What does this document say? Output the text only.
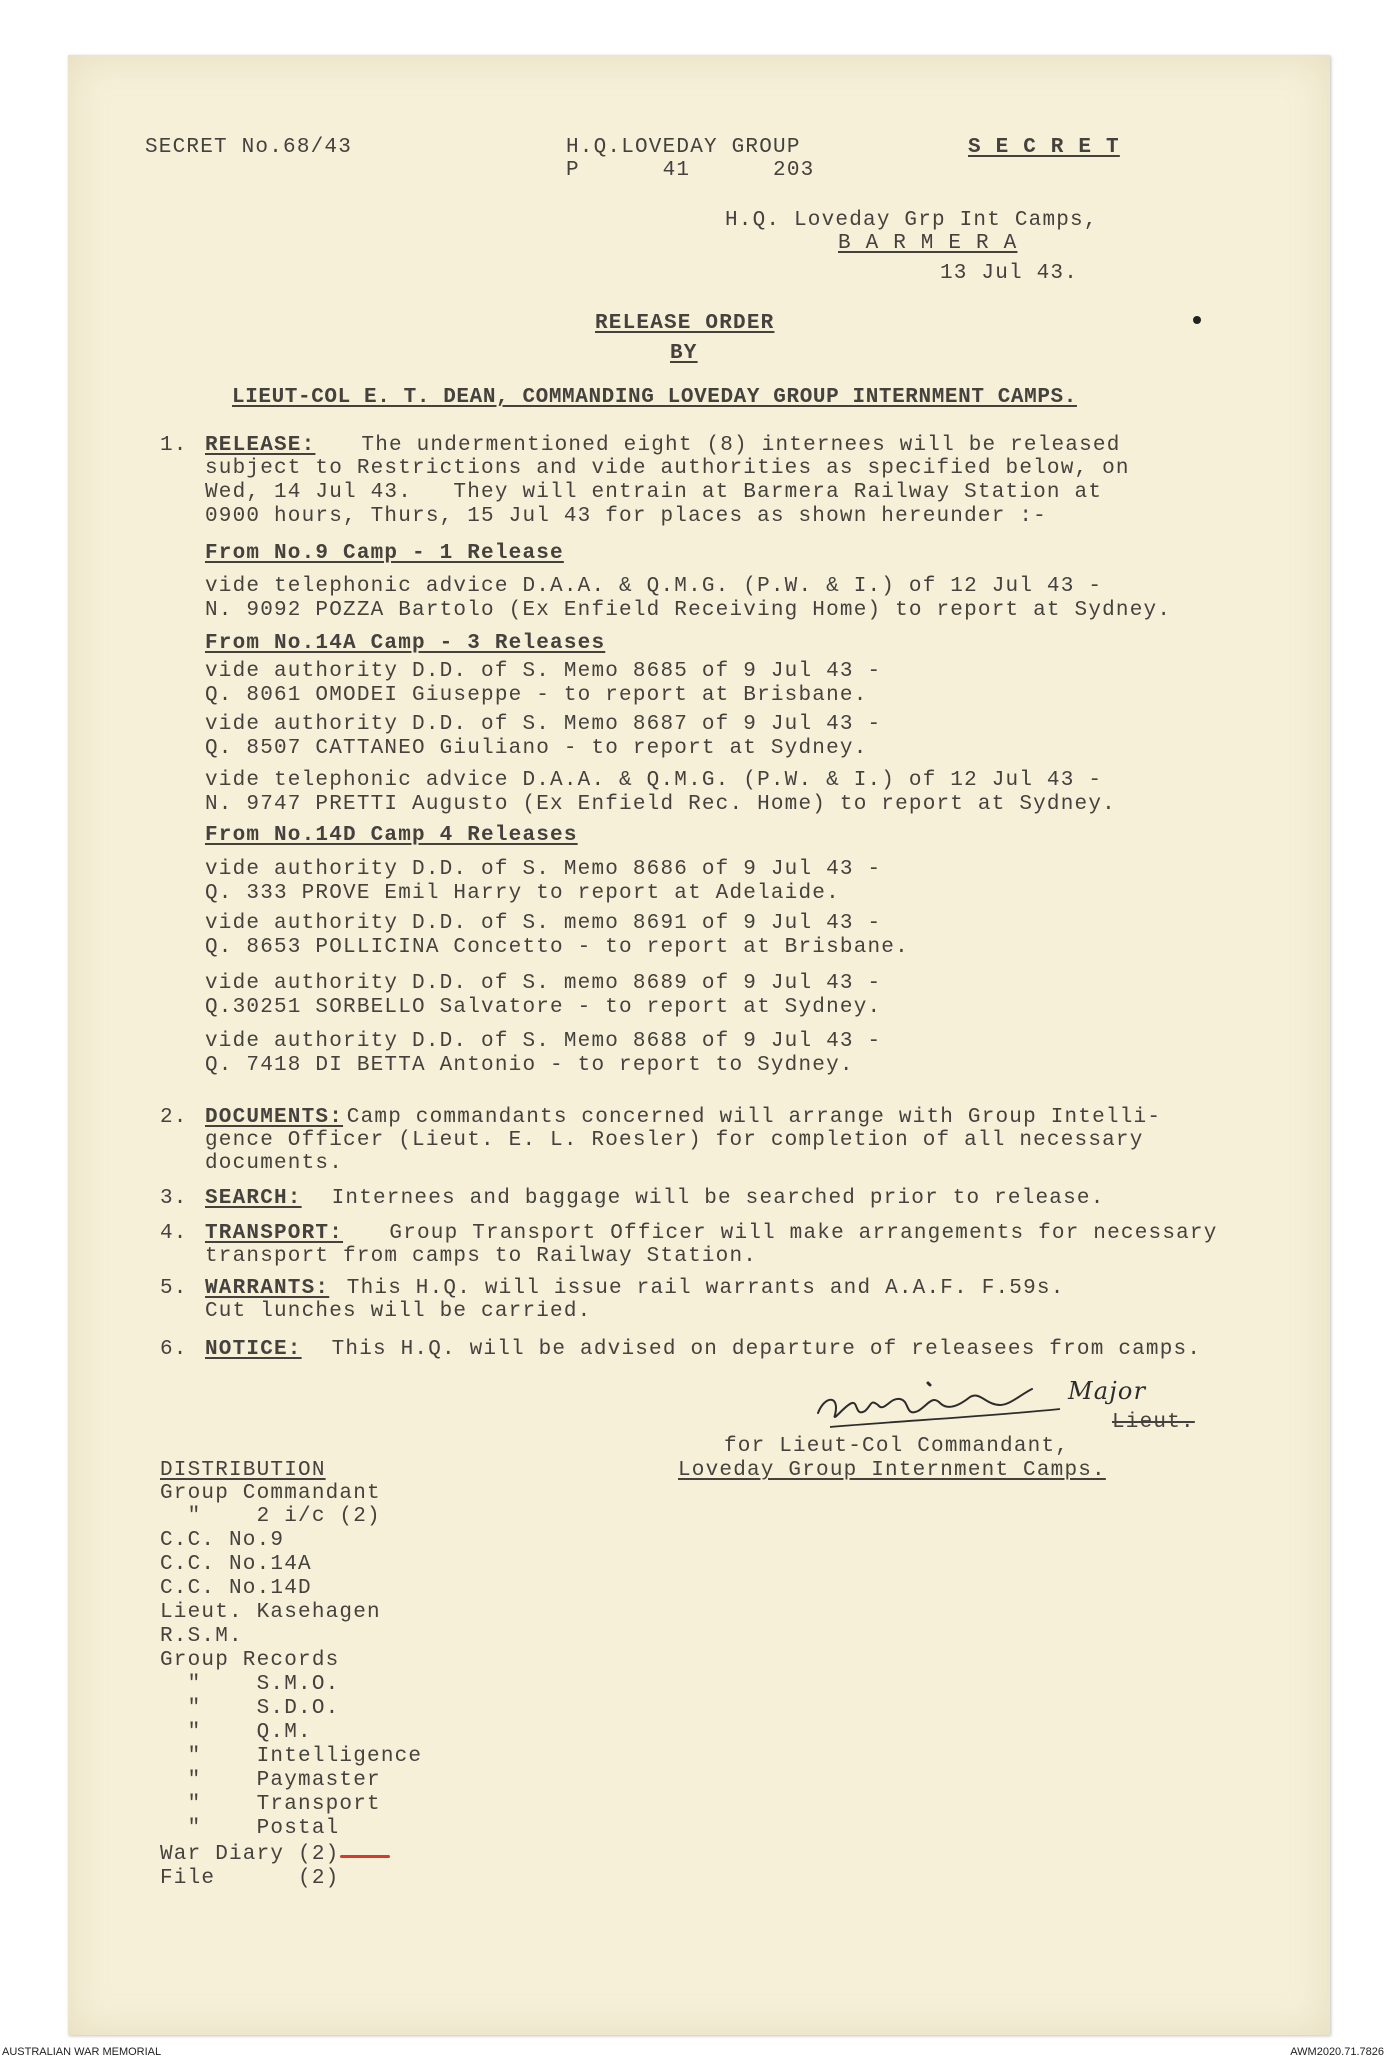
SECRET No.68/43	H.Q.LOVEDAY GROUP
P      41      203
S E C R E T
H.Q. Loveday Grp Int Camps,
B A R M E R A
13 Jul 43.
RELEASE ORDER
BY
LIEUT-COL E. T. DEAN, COMMANDING LOVEDAY GROUP INTERNMENT CAMPS.
1. RELEASE: The undermentioned eight (8) internees will be released
subject to Restrictions and vide authorities as specified below, on
Wed, 14 Jul 43.   They will entrain at Barmera Railway Station at
0900 hours, Thurs, 15 Jul 43 for places as shown hereunder :-
From No.9 Camp - 1 Release
vide telephonic advice D.A.A. & Q.M.G. (P.W. & I.) of 12 Jul 43 -
N. 9092 POZZA Bartolo (Ex Enfield Receiving Home) to report at Sydney.
From No.14A Camp - 3 Releases
vide authority D.D. of S. Memo 8685 of 9 Jul 43 -
Q. 8061 OMODEI Giuseppe - to report at Brisbane.
vide authority D.D. of S. Memo 8687 of 9 Jul 43 -
Q. 8507 CATTANEO Giuliano - to report at Sydney.
vide telephonic advice D.A.A. & Q.M.G. (P.W. & I.) of 12 Jul 43 -
N. 9747 PRETTI Augusto (Ex Enfield Rec. Home) to report at Sydney.
From No.14D Camp 4 Releases
vide authority D.D. of S. Memo 8686 of 9 Jul 43 -
Q. 333 PROVE Emil Harry to report at Adelaide.
vide authority D.D. of S. memo 8691 of 9 Jul 43 -
Q. 8653 POLLICINA Concetto - to report at Brisbane.
vide authority D.D. of S. memo 8689 of 9 Jul 43 -
Q.30251 SORBELLO Salvatore - to report at Sydney.
vide authority D.D. of S. Memo 8688 of 9 Jul 43 -
Q. 7418 DI BETTA Antonio - to report to Sydney.
2. DOCUMENTS:
Camp commandants concerned will arrange with Group Intelli-
gence Officer (Lieut. E. L. Roesler) for completion of all necessary
documents.
3. SEARCH: Internees and baggage will be searched prior to release.
4. TRANSPORT: Group Transport Officer will make arrangements for necessary
transport from camps to Railway Station.
5. WARRANTS: This H.Q. will issue rail warrants and A.A.F. F.59s.
Cut lunches will be carried.
6. NOTICE: This H.Q. will be advised on departure of releasees from camps.
Major
Lieut.
for Lieut-Col Commandant,
Loveday Group Internment Camps.
DISTRIBUTION
Group Commandant
"    2 i/c (2)
C.C. No.9
C.C. No.14A
C.C. No.14D
Lieut. Kasehagen
R.S.M.
Group Records
"    S.M.O.
"    S.D.O.
"    Q.M.
"    Intelligence
"    Paymaster
"    Transport
"    Postal
War Diary (2)
File      (2)
AUSTRALIAN WAR MEMORIAL	AWM2020.71.7826
